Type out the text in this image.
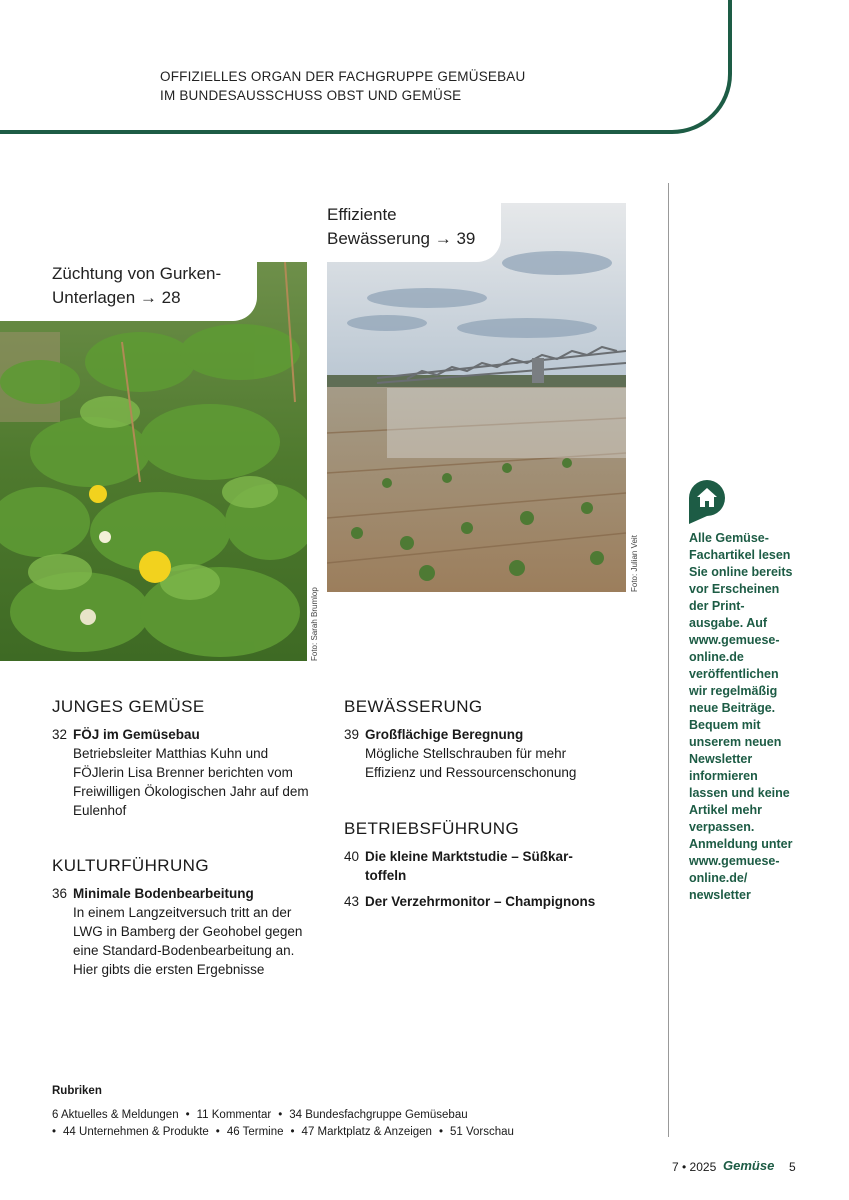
OFFIZIELLES ORGAN DER FACHGRUPPE GEMÜSEBAU
IM BUNDESAUSSCHUSS OBST UND GEMÜSE
Züchtung von Gurken-
Unterlagen → 28
Foto: Sarah Brumlop
Effiziente
Bewässerung → 39
Foto: Julian Veit
JUNGES GEMÜSE
32 FÖJ im Gemüsebau
Betriebsleiter Matthias Kuhn und
FÖJlerin Lisa Brenner berichten vom
Freiwilligen Ökologischen Jahr auf dem
Eulenhof
KULTURFÜHRUNG
36 Minimale Bodenbearbeitung
In einem Langzeitversuch tritt an der
LWG in Bamberg der Geohobel gegen
eine Standard-Bodenbearbeitung an.
Hier gibts die ersten Ergebnisse
BEWÄSSERUNG
39 Großflächige Beregnung
Mögliche Stellschrauben für mehr
Effizienz und Ressourcenschonung
BETRIEBSFÜHRUNG
40 Die kleine Marktstudie – Süßkar-
toffeln
43 Der Verzehrmonitor – Champignons
Alle Gemüse-
Fachartikel lesen
Sie online bereits
vor Erscheinen
der Print-
ausgabe. Auf
www.gemuese-
online.de
veröffentlichen
wir regelmäßig
neue Beiträge.
Bequem mit
unserem neuen
Newsletter
informieren
lassen und keine
Artikel mehr
verpassen.
Anmeldung unter
www.gemuese-
online.de/
newsletter
Rubriken
6 Aktuelles & Meldungen • 11 Kommentar • 34 Bundesfachgruppe Gemüsebau
• 44 Unternehmen & Produkte • 46 Termine • 47 Marktplatz & Anzeigen • 51 Vorschau
7 • 2025 Gemüse 5
